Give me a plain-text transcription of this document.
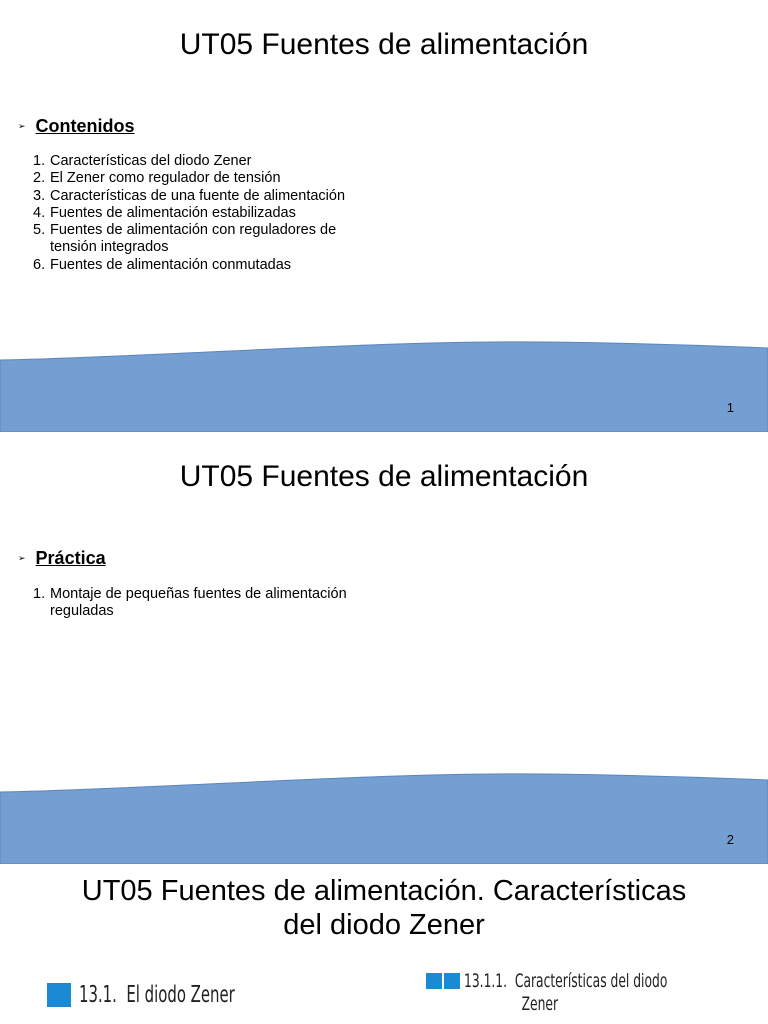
UT05 Fuentes de alimentación
➢ Contenidos
1. Características del diodo Zener
2. El Zener como regulador de tensión
3. Características de una fuente de alimentación
4. Fuentes de alimentación estabilizadas
5. Fuentes de alimentación con reguladores de tensión integrados
6. Fuentes de alimentación conmutadas
1
UT05 Fuentes de alimentación
➢ Práctica
1. Montaje de pequeñas fuentes de alimentación reguladas
2
UT05 Fuentes de alimentación. Características
del diodo Zener
13.1. El diodo Zener
13.1.1. Características del diodo
Zener
